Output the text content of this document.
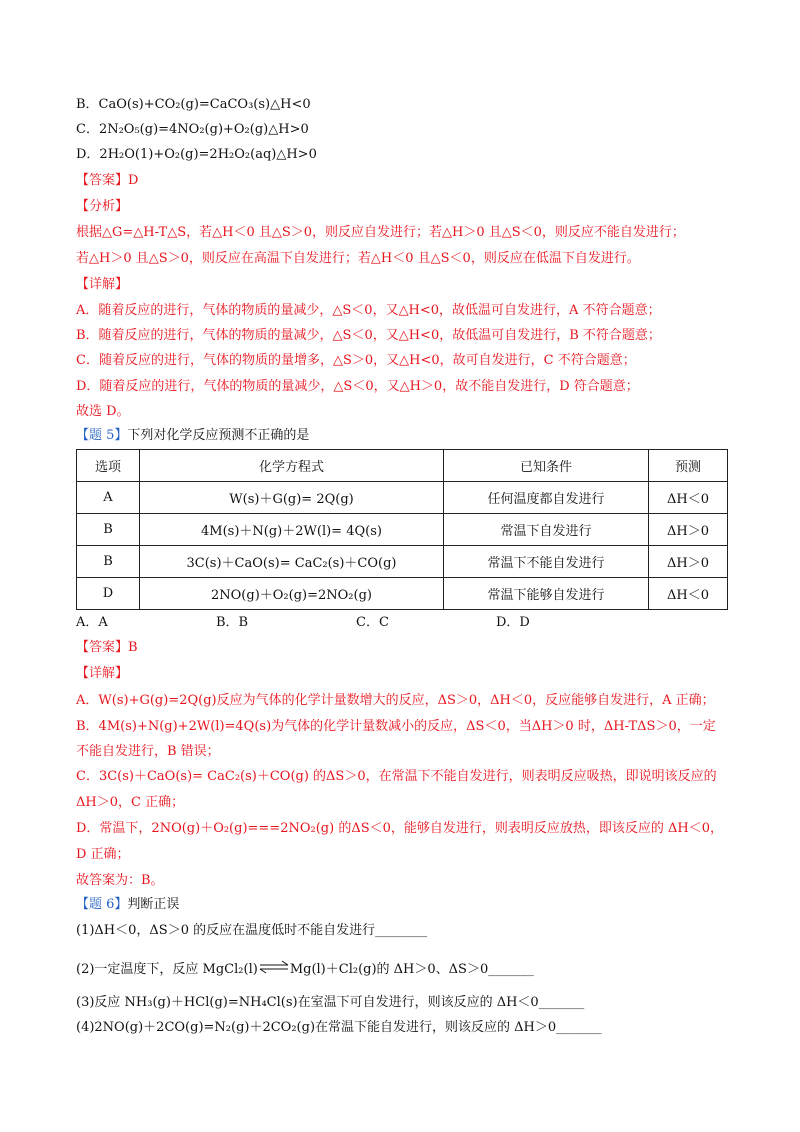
B．CaO(s)+CO₂(g)=CaCO₃(s)△H<0
C．2N₂O₅(g)=4NO₂(g)+O₂(g)△H>0
D．2H₂O(1)+O₂(g)=2H₂O₂(aq)△H>0
【答案】D
【分析】
根据△G=△H-T△S，若△H＜0 且△S＞0，则反应自发进行；若△H＞0 且△S＜0，则反应不能自发进行；
若△H＞0 且△S＞0，则反应在高温下自发进行；若△H＜0 且△S＜0，则反应在低温下自发进行。
【详解】
A．随着反应的进行，气体的物质的量减少，△S＜0，又△H<0，故低温可自发进行，A 不符合题意；
B．随着反应的进行，气体的物质的量减少，△S＜0，又△H<0，故低温可自发进行，B 不符合题意；
C．随着反应的进行，气体的物质的量增多，△S＞0，又△H<0，故可自发进行，C 不符合题意；
D．随着反应的进行，气体的物质的量减少，△S＜0，又△H＞0，故不能自发进行，D 符合题意；
故选 D。
【题 5】下列对化学反应预测不正确的是
选项	化学方程式	已知条件	预测
A	W(s)＋G(g)= 2Q(g)	任何温度都自发进行	ΔH＜0
B	4M(s)＋N(g)＋2W(l)= 4Q(s)	常温下自发进行	ΔH＞0
B	3C(s)＋CaO(s)= CaC₂(s)＋CO(g)	常温下不能自发进行	ΔH＞0
D	2NO(g)＋O₂(g)=2NO₂(g)	常温下能够自发进行	ΔH＜0
A．A	B．B	C．C	D．D
【答案】B
【详解】
A．W(s)+G(g)=2Q(g)反应为气体的化学计量数增大的反应，ΔS＞0，ΔH＜0，反应能够自发进行，A 正确；
B．4M(s)+N(g)+2W(l)=4Q(s)为气体的化学计量数减小的反应，ΔS＜0，当ΔH＞0 时，ΔH-TΔS＞0，一定
不能自发进行，B 错误；
C．3C(s)＋CaO(s)= CaC₂(s)＋CO(g) 的ΔS＞0，在常温下不能自发进行，则表明反应吸热，即说明该反应的
ΔH＞0，C 正确；
D．常温下，2NO(g)＋O₂(g)===2NO₂(g) 的ΔS＜0，能够自发进行，则表明反应放热，即该反应的 ΔH＜0，
D 正确；
故答案为：B。
【题 6】判断正误
(1)ΔH＜0，ΔS＞0 的反应在温度低时不能自发进行________
(2)一定温度下，反应 MgCl₂(l)⇌Mg(l)＋Cl₂(g)的 ΔH＞0、ΔS＞0_______
(3)反应 NH₃(g)＋HCl(g)=NH₄Cl(s)在室温下可自发进行，则该反应的 ΔH＜0_______
(4)2NO(g)＋2CO(g)=N₂(g)＋2CO₂(g)在常温下能自发进行，则该反应的 ΔH＞0_______
